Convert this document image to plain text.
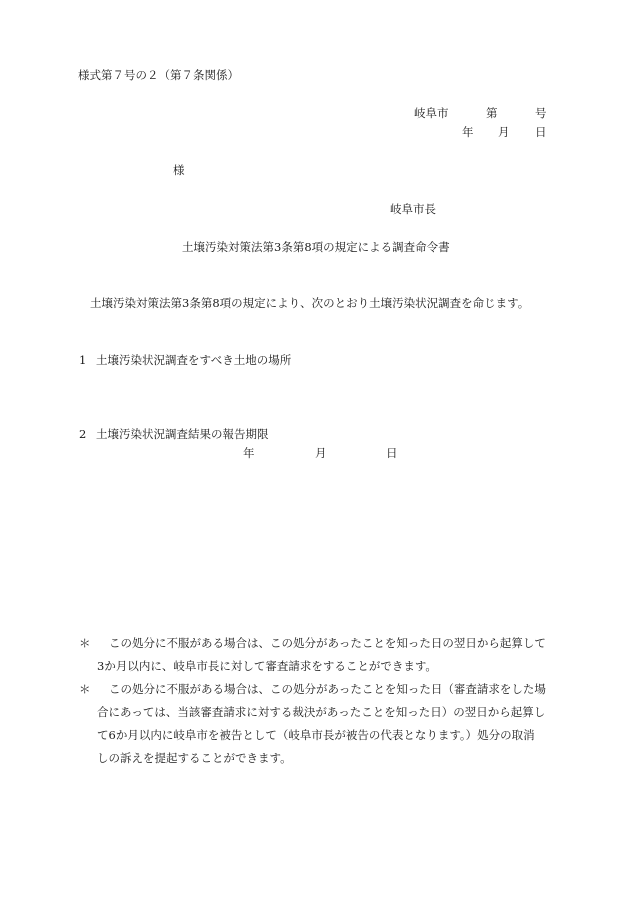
様式第７号の２（第７条関係）
岐阜市	第	号
年 月 日
様
岐阜市長
土壌汚染対策法第3条第8項の規定による調査命令書
土壌汚染対策法第3条第8項の規定により、次のとおり土壌汚染状況調査を命じます。
1 土壌汚染状況調査をすべき土地の場所
2 土壌汚染状況調査結果の報告期限
年	月	日
＊	この処分に不服がある場合は、この処分があったことを知った日の翌日から起算して
3か月以内に、岐阜市長に対して審査請求をすることができます。
＊	この処分に不服がある場合は、この処分があったことを知った日（審査請求をした場
合にあっては、当該審査請求に対する裁決があったことを知った日）の翌日から起算し
て6か月以内に岐阜市を被告として（岐阜市長が被告の代表となります。）処分の取消
しの訴えを提起することができます。
